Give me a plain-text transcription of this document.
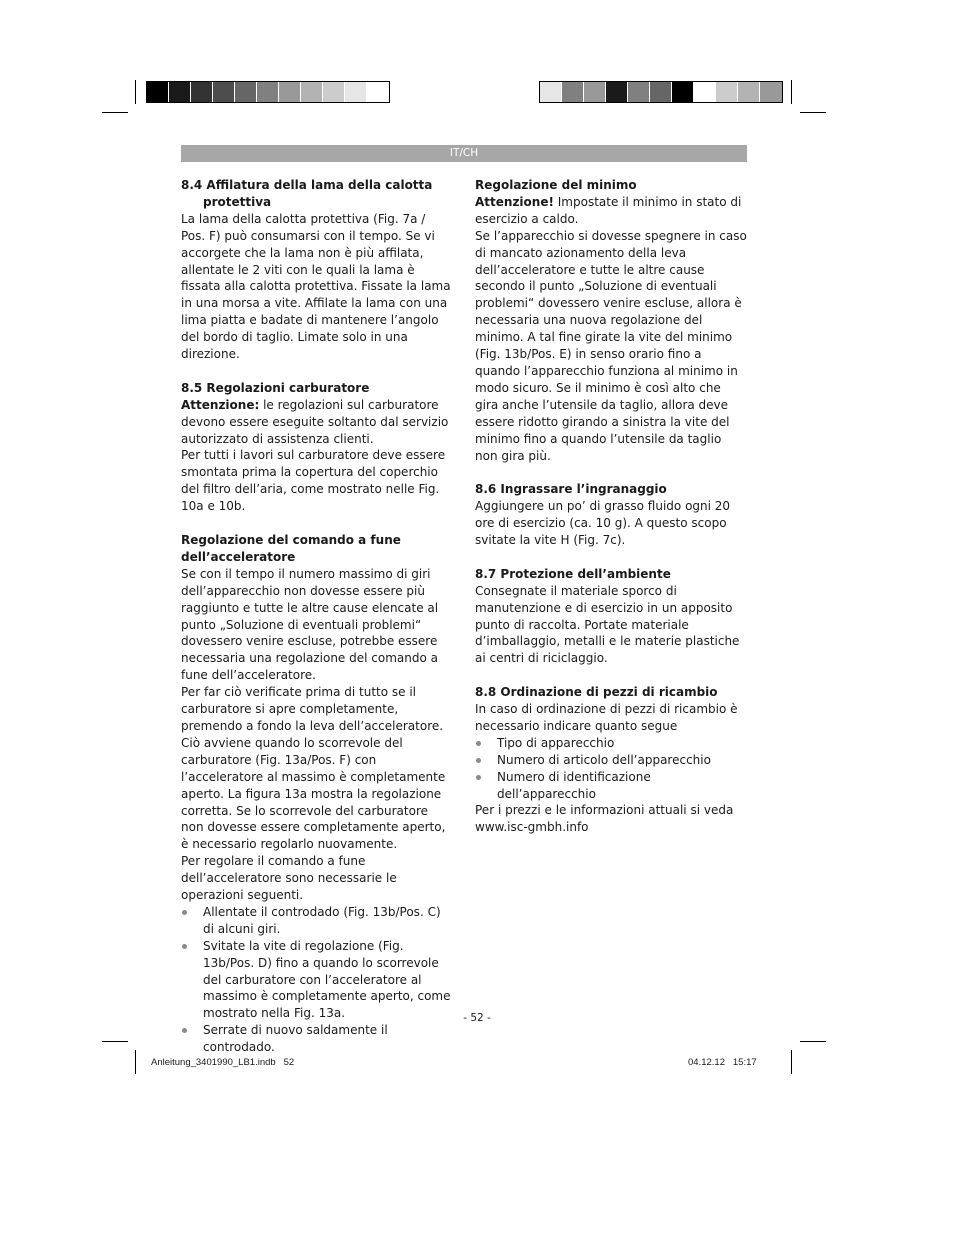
IT/CH
8.4 Affilatura della lama della calotta protettiva

La lama della calotta protettiva (Fig. 7a / Pos. F) può consumarsi con il tempo. Se vi accorgete che la lama non è più affilata, allentate le 2 viti con le quali la lama è fissata alla calotta protettiva. Fissate la lama in una morsa a vite. Affilate la lama con una lima piatta e badate di mantenere l’angolo del bordo di taglio. Limate solo in una direzione.

8.5 Regolazioni carburatore

Attenzione: le regolazioni sul carburatore devono essere eseguite soltanto dal servizio autorizzato di assistenza clienti.

Per tutti i lavori sul carburatore deve essere smontata prima la copertura del coperchio del filtro dell’aria, come mostrato nelle Fig. 10a e 10b.

Regolazione del comando a fune dell’acceleratore

Se con il tempo il numero massimo di giri dell’apparecchio non dovesse essere più raggiunto e tutte le altre cause elencate al punto „Soluzione di eventuali problemi“ dovessero venire escluse, potrebbe essere necessaria una regolazione del comando a fune dell’acceleratore.

Per far ciò verificate prima di tutto se il carburatore si apre completamente, premendo a fondo la leva dell’acceleratore. Ciò avviene quando lo scorrevole del carburatore (Fig. 13a/Pos. F) con l’acceleratore al massimo è completamente aperto. La figura 13a mostra la regolazione corretta. Se lo scorrevole del carburatore non dovesse essere completamente aperto, è necessario regolarlo nuovamente.

Per regolare il comando a fune dell’acceleratore sono necessarie le operazioni seguenti.

Allentate il controdado (Fig. 13b/Pos. C) di alcuni giri.
Svitate la vite di regolazione (Fig. 13b/Pos. D) fino a quando lo scorrevole del carburatore con l’acceleratore al massimo è completamente aperto, come mostrato nella Fig. 13a.
Serrate di nuovo saldamente il controdado.
Regolazione del minimo

Attenzione! Impostate il minimo in stato di esercizio a caldo.

Se l’apparecchio si dovesse spegnere in caso di mancato azionamento della leva dell’acceleratore e tutte le altre cause secondo il punto „Soluzione di eventuali problemi“ dovessero venire escluse, allora è necessaria una nuova regolazione del minimo. A tal fine girate la vite del minimo (Fig. 13b/Pos. E) in senso orario fino a quando l’apparecchio funziona al minimo in modo sicuro. Se il minimo è così alto che gira anche l’utensile da taglio, allora deve essere ridotto girando a sinistra la vite del minimo fino a quando l’utensile da taglio non gira più.

8.6 Ingrassare l’ingranaggio

Aggiungere un po’ di grasso fluido ogni 20 ore di esercizio (ca. 10 g). A questo scopo svitate la vite H (Fig. 7c).

8.7 Protezione dell’ambiente

Consegnate il materiale sporco di manutenzione e di esercizio in un apposito punto di raccolta. Portate materiale d’imballaggio, metalli e le materie plastiche ai centri di riciclaggio.

8.8 Ordinazione di pezzi di ricambio

In caso di ordinazione di pezzi di ricambio è necessario indicare quanto segue

Tipo di apparecchio
Numero di articolo dell’apparecchio
Numero di identificazione dell’apparecchio

Per i prezzi e le informazioni attuali si veda www.isc-gmbh.info

- 52 -
Anleitung_3401990_LB1.indb   52	04.12.12   15:17
